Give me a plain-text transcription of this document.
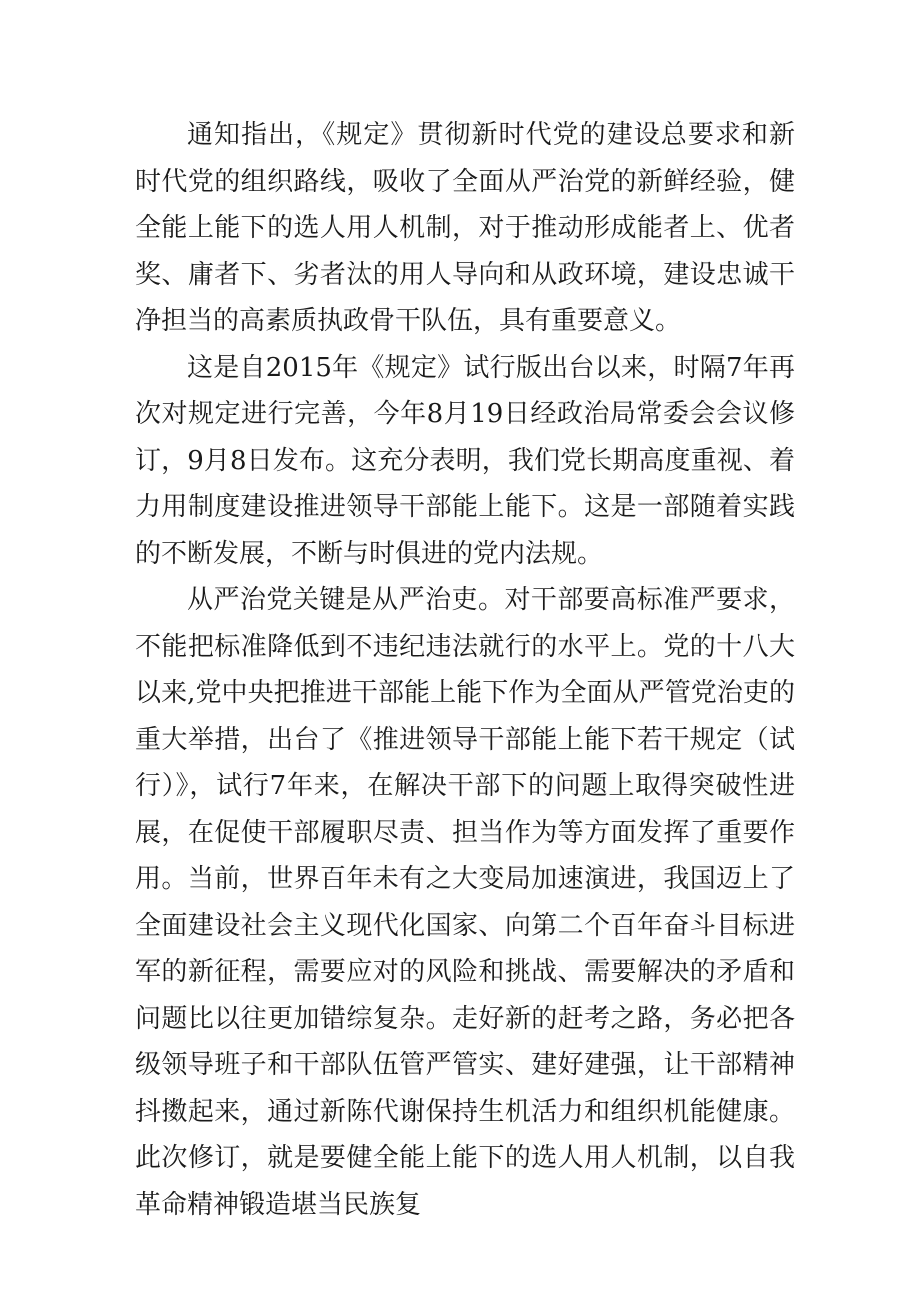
通知指出，《规定》贯彻新时代党的建设总要求和新时代党的组织路线，吸收了全面从严治党的新鲜经验，健全能上能下的选人用人机制，对于推动形成能者上、优者奖、庸者下、劣者汰的用人导向和从政环境，建设忠诚干净担当的高素质执政骨干队伍，具有重要意义。

这是自2015年《规定》试行版出台以来，时隔7年再次对规定进行完善，今年8月19日经政治局常委会会议修订，9月8日发布。这充分表明，我们党长期高度重视、着力用制度建设推进领导干部能上能下。这是一部随着实践的不断发展，不断与时俱进的党内法规。

从严治党关键是从严治吏。对干部要高标准严要求，不能把标准降低到不违纪违法就行的水平上。党的十八大以来,党中央把推进干部能上能下作为全面从严管党治吏的重大举措，出台了《推进领导干部能上能下若干规定（试行）》，试行7年来，在解决干部下的问题上取得突破性进展，在促使干部履职尽责、担当作为等方面发挥了重要作用。当前，世界百年未有之大变局加速演进，我国迈上了全面建设社会主义现代化国家、向第二个百年奋斗目标进军的新征程，需要应对的风险和挑战、需要解决的矛盾和问题比以往更加错综复杂。走好新的赶考之路，务必把各级领导班子和干部队伍管严管实、建好建强，让干部精神抖擞起来，通过新陈代谢保持生机活力和组织机能健康。此次修订，就是要健全能上能下的选人用人机制，以自我革命精神锻造堪当民族复
